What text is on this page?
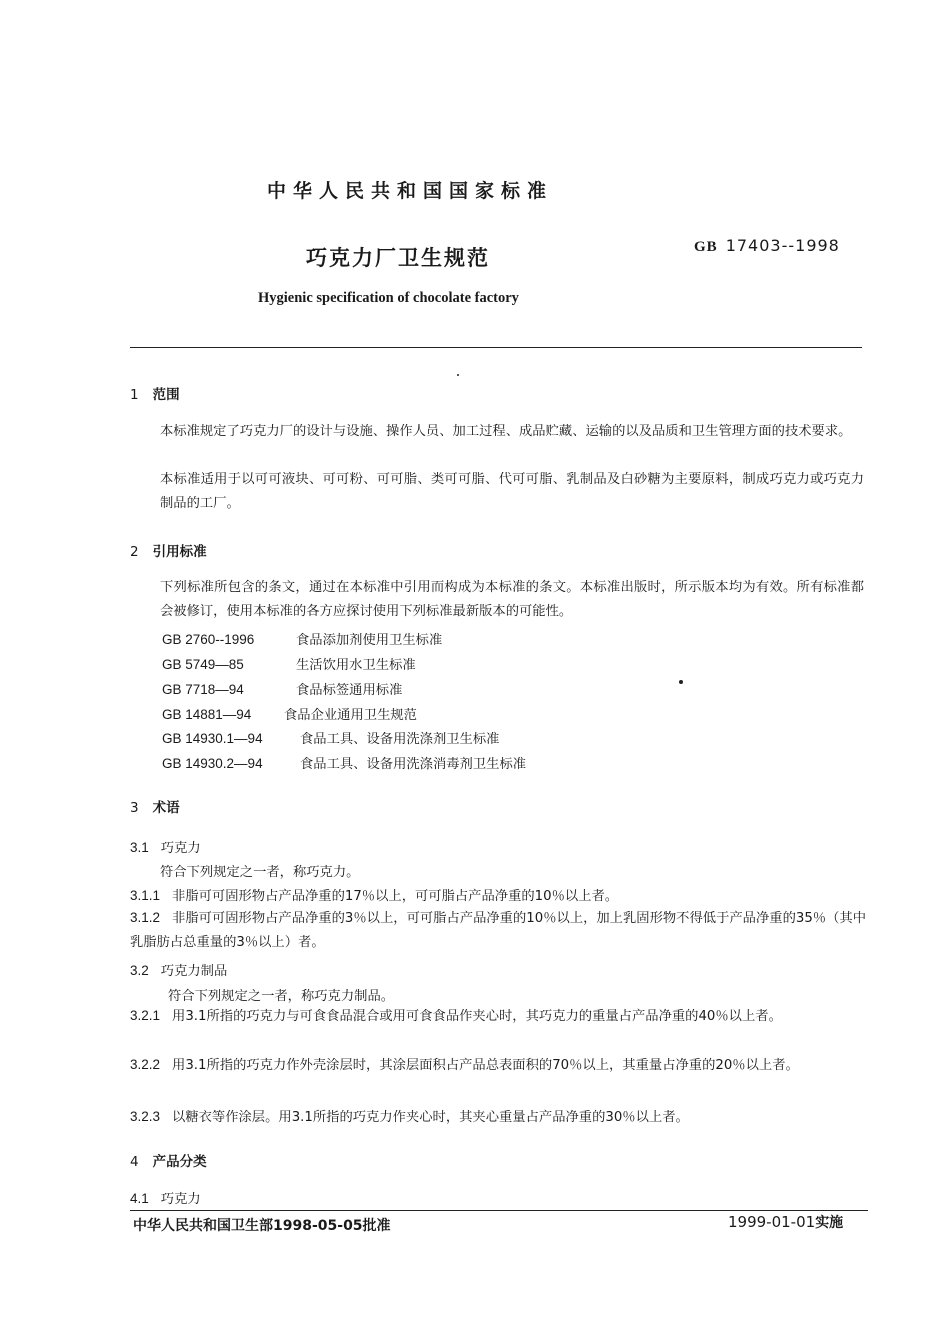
中华人民共和国国家标准
巧克力厂卫生规范	GB 17403--1998
Hygienic specification of chocolate factory
1 范围
本标准规定了巧克力厂的设计与设施、操作人员、加工过程、成品贮藏、运输的以及品质和卫生管理方面的技术要求。
本标准适用于以可可液块、可可粉、可可脂、类可可脂、代可可脂、乳制品及白砂糖为主要原料，制成巧克力或巧克力制品的工厂。
2 引用标准
下列标准所包含的条文，通过在本标准中引用而构成为本标准的条文。本标准出版时，所示版本均为有效。所有标准都会被修订，使用本标准的各方应探讨使用下列标准最新版本的可能性。
GB 2760--1996	食品添加剂使用卫生标准
GB 5749—85	生活饮用水卫生标准
GB 7718—94	食品标签通用标准
GB 14881—94 食品企业通用卫生规范
GB 14930.1—94	食品工具、设备用洗涤剂卫生标准
GB 14930.2—94	食品工具、设备用洗涤消毒剂卫生标准
3 术语
3.1 巧克力
符合下列规定之一者，称巧克力。
3.1.1 非脂可可固形物占产品净重的17％以上，可可脂占产品净重的10％以上者。
3.1.2 非脂可可固形物占产品净重的3％以上，可可脂占产品净重的10％以上，加上乳固形物不得低于产品净重的35％（其中乳脂肪占总重量的3％以上）者。
3.2 巧克力制品
符合下列规定之一者，称巧克力制品。
3.2.1 用3.1所指的巧克力与可食食品混合或用可食食品作夹心时，其巧克力的重量占产品净重的40％以上者。
3.2.2 用3.1所指的巧克力作外壳涂层时，其涂层面积占产品总表面积的70％以上，其重量占净重的20％以上者。
3.2.3 以糖衣等作涂层。用3.1所指的巧克力作夹心时，其夹心重量占产品净重的30％以上者。
4 产品分类
4.1 巧克力
中华人民共和国卫生部1998-05-05批准	1999-01-01实施
